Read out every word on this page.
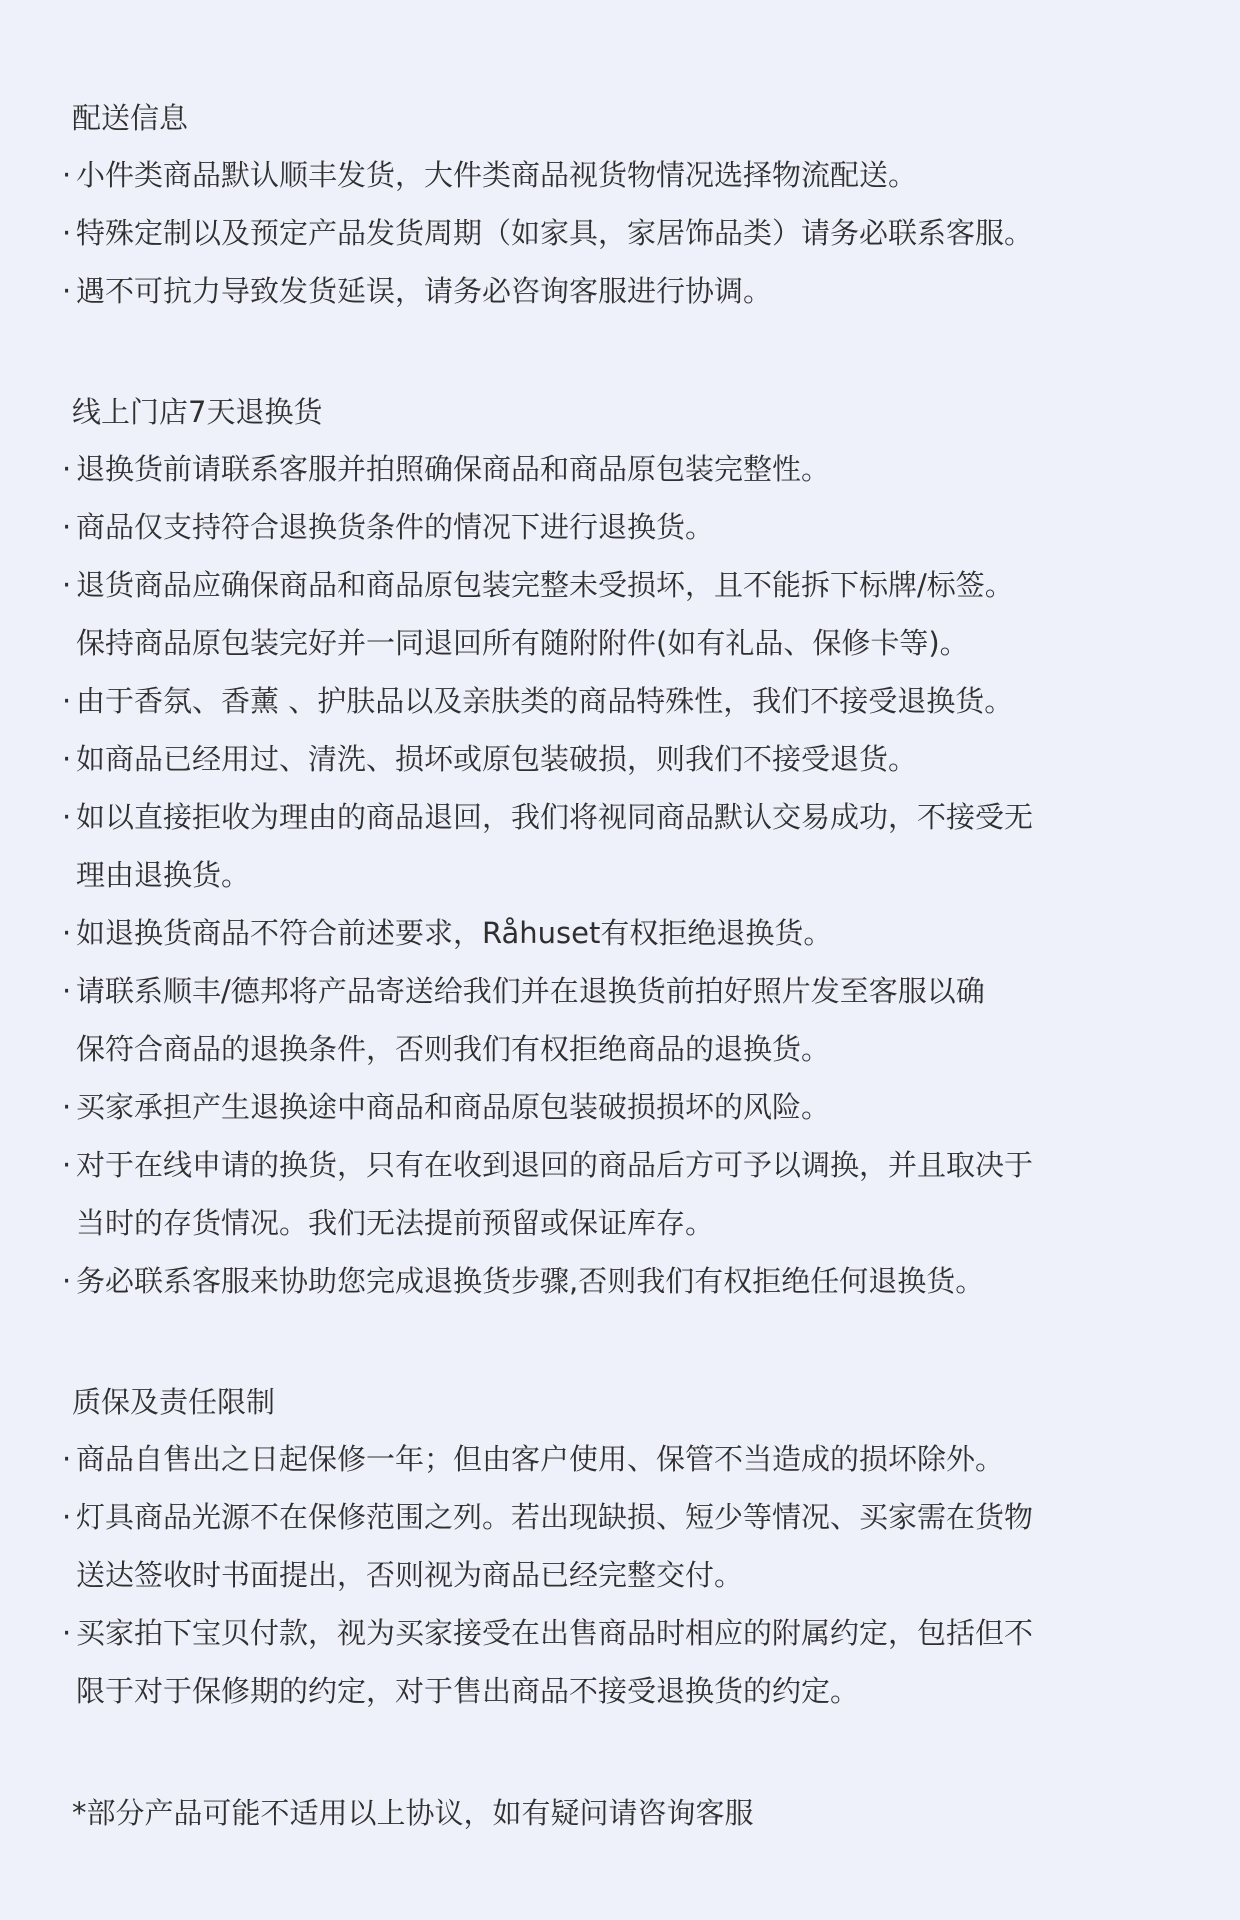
配送信息
· 小件类商品默认顺丰发货，大件类商品视货物情况选择物流配送。
· 特殊定制以及预定产品发货周期（如家具，家居饰品类）请务必联系客服。
· 遇不可抗力导致发货延误，请务必咨询客服进行协调。
线上门店7天退换货
· 退换货前请联系客服并拍照确保商品和商品原包装完整性。
· 商品仅支持符合退换货条件的情况下进行退换货。
· 退货商品应确保商品和商品原包装完整未受损坏，且不能拆下标牌/标签。
保持商品原包装完好并一同退回所有随附附件(如有礼品、保修卡等)。
· 由于香氛、香薰 、护肤品以及亲肤类的商品特殊性，我们不接受退换货。
· 如商品已经用过、清洗、损坏或原包装破损，则我们不接受退货。
· 如以直接拒收为理由的商品退回，我们将视同商品默认交易成功，不接受无
理由退换货。
· 如退换货商品不符合前述要求，Råhuset有权拒绝退换货。
· 请联系顺丰/德邦将产品寄送给我们并在退换货前拍好照片发至客服以确
保符合商品的退换条件，否则我们有权拒绝商品的退换货。
· 买家承担产生退换途中商品和商品原包装破损损坏的风险。
· 对于在线申请的换货，只有在收到退回的商品后方可予以调换，并且取决于
当时的存货情况。我们无法提前预留或保证库存。
· 务必联系客服来协助您完成退换货步骤,否则我们有权拒绝任何退换货。
质保及责任限制
· 商品自售出之日起保修一年；但由客户使用、保管不当造成的损坏除外。
· 灯具商品光源不在保修范围之列。若出现缺损、短少等情况、买家需在货物
送达签收时书面提出，否则视为商品已经完整交付。
· 买家拍下宝贝付款，视为买家接受在出售商品时相应的附属约定，包括但不
限于对于保修期的约定，对于售出商品不接受退换货的约定。
*部分产品可能不适用以上协议，如有疑问请咨询客服
